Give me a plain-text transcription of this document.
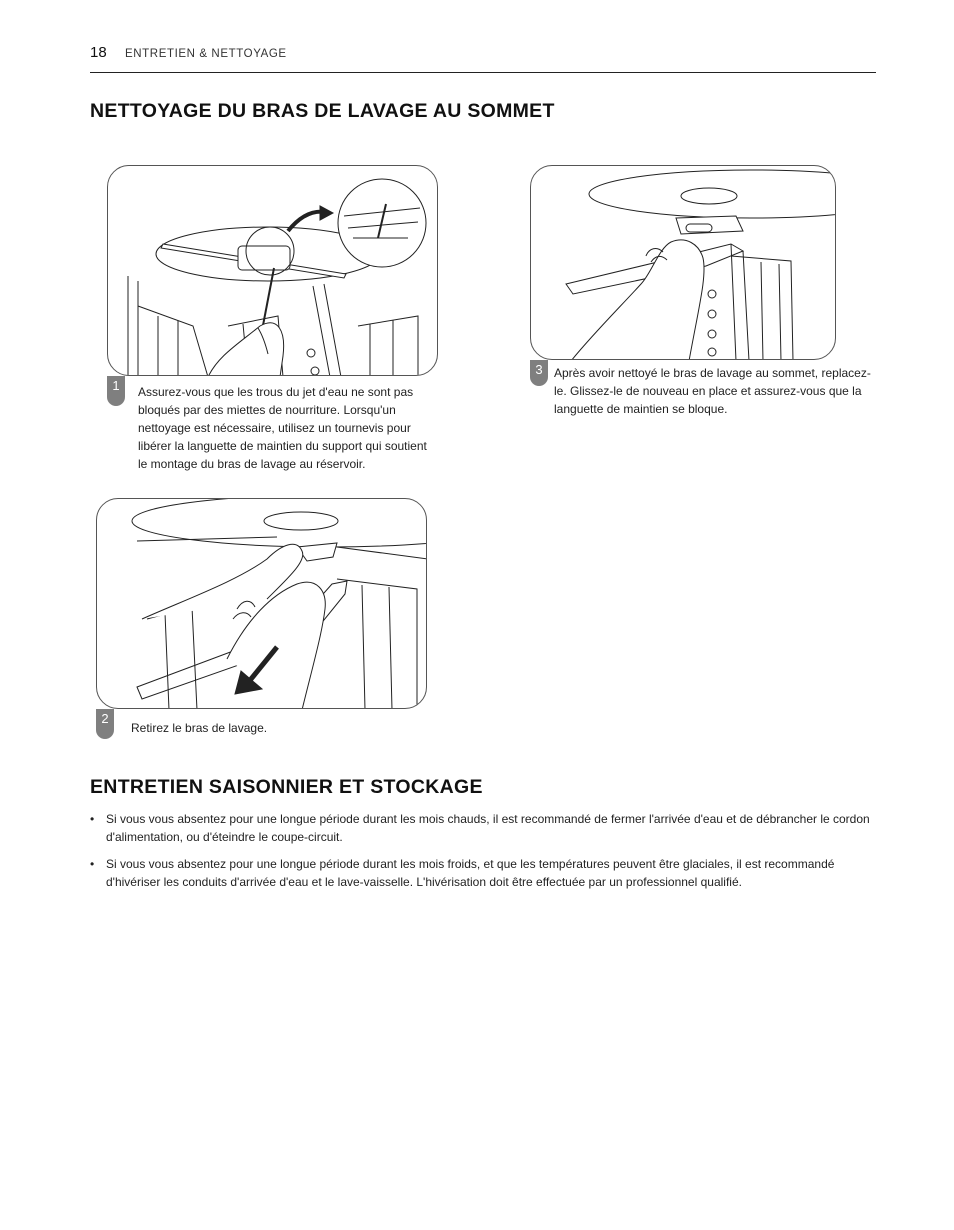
18 ENTRETIEN & NETTOYAGE
NETTOYAGE DU BRAS DE LAVAGE AU SOMMET
1	Assurez-vous que les trous du jet d'eau ne sont pas bloqués par des miettes de nourriture. Lorsqu'un nettoyage est nécessaire, utilisez un tournevis pour libérer la languette de maintien du support qui soutient le montage du bras de lavage au réservoir.
3 Après avoir nettoyé le bras de lavage au sommet, replacez-le. Glissez-le de nouveau en place et assurez-vous que la languette de maintien se bloque.
2
Retirez le bras de lavage.
ENTRETIEN SAISONNIER ET STOCKAGE
• Si vous vous absentez pour une longue période durant les mois chauds, il est recommandé de fermer l'arrivée d'eau et de débrancher le cordon d'alimentation, ou d'éteindre le coupe-circuit.
• Si vous vous absentez pour une longue période durant les mois froids, et que les températures peuvent être glaciales, il est recommandé d'hivériser les conduits d'arrivée d'eau et le lave-vaisselle. L'hivérisation doit être effectuée par un professionnel qualifié.
